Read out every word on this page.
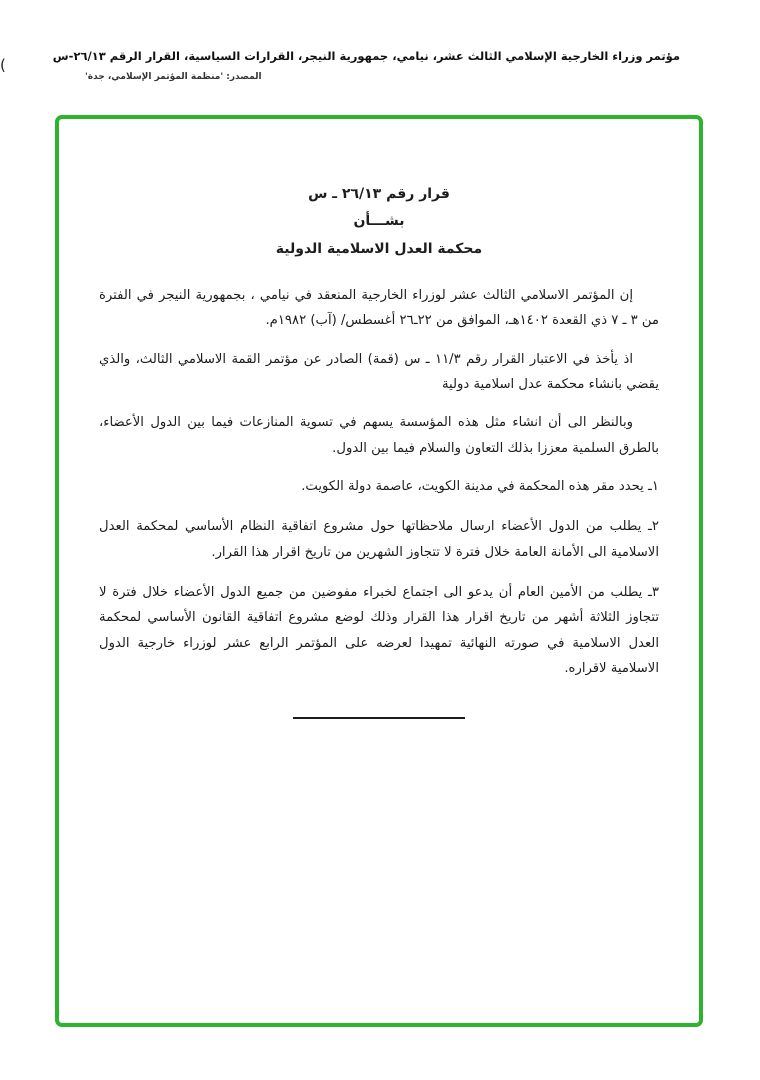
(	مؤتمر وزراء الخارجية الإسلامي الثالث عشر، نيامي، جمهورية النيجر، القرارات السياسية، القرار الرقم ٢٦/١٣-س
المصدر: 'منظمة المؤتمر الإسلامي، جدة'
قرار رقم ٢٦/١٣ ـ س
بشـــأن
محكمة العدل الاسلامية الدولية

إن المؤتمر الاسلامي الثالث عشر لوزراء الخارجية المنعقد في نيامي ، بجمهورية النيجر في الفترة من ٣ ـ ٧ ذي القعدة ١٤٠٢هـ، الموافق من ٢٢ـ٢٦ أغسطس/ (آب) ١٩٨٢م.

اذ يأخذ في الاعتبار القرار رقم ١١/٣ ـ س (قمة) الصادر عن مؤتمر القمة الاسلامي الثالث، والذي يقضي بانشاء محكمة عدل اسلامية دولية

وبالنظر الى أن انشاء مثل هذه المؤسسة يسهم في تسوية المنازعات فيما بين الدول الأعضاء، بالطرق السلمية معززا بذلك التعاون والسلام فيما بين الدول.

١ـ يحدد مقر هذه المحكمة في مدينة الكويت، عاصمة دولة الكويت.

٢ـ يطلب من الدول الأعضاء ارسال ملاحظاتها حول مشروع اتفاقية النظام الأساسي لمحكمة العدل الاسلامية الى الأمانة العامة خلال فترة لا تتجاوز الشهرين من تاريخ اقرار هذا القرار.

٣ـ يطلب من الأمين العام أن يدعو الى اجتماع لخبراء مفوضين من جميع الدول الأعضاء خلال فترة لا تتجاوز الثلاثة أشهر من تاريخ اقرار هذا القرار وذلك لوضع مشروع اتفاقية القانون الأساسي لمحكمة العدل الاسلامية في صورته النهائية تمهيدا لعرضه على المؤتمر الرابع عشر لوزراء خارجية الدول الاسلامية لاقراره.
